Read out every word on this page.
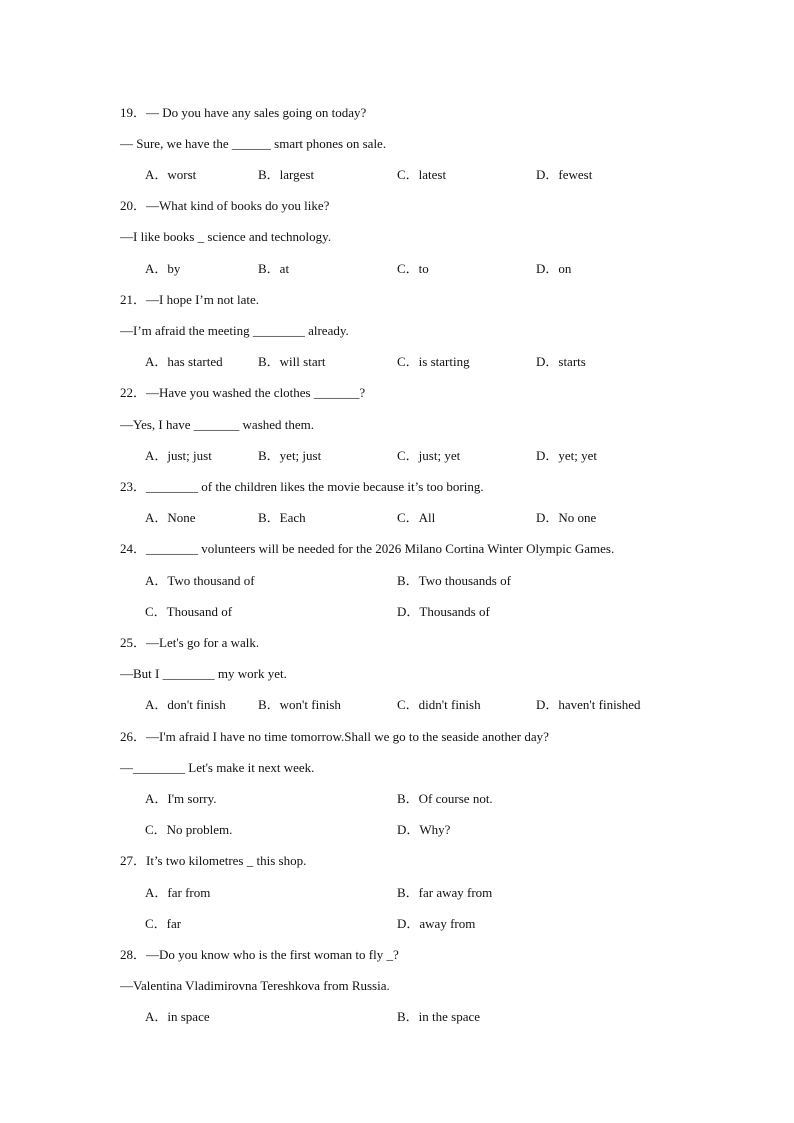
19．— Do you have any sales going on today?
— Sure, we have the ______ smart phones on sale.
A．worst	B．largest	C．latest	D．fewest
20．—What kind of books do you like?
—I like books _ science and technology.
A．by	B．at	C．to	D．on
21．—I hope I’m not late.
—I’m afraid the meeting ________ already.
A．has started	B．will start	C．is starting	D．starts
22．—Have you washed the clothes _______?
—Yes, I have _______ washed them.
A．just; just	B．yet; just	C．just; yet	D．yet; yet
23．________ of the children likes the movie because it’s too boring.
A．None	B．Each	C．All	D．No one
24．________ volunteers will be needed for the 2026 Milano Cortina Winter Olympic Games.
A．Two thousand of	B．Two thousands of
C．Thousand of	D．Thousands of
25．—Let's go for a walk.
—But I ________ my work yet.
A．don't finish B．won't finish	C．didn't finish	D．haven't finished
26．—I'm afraid I have no time tomorrow.Shall we go to the seaside another day?
—________ Let's make it next week.
A．I'm sorry.	B．Of course not.
C．No problem.	D．Why?
27．It’s two kilometres _ this shop.
A．far from	B．far away from
C．far	D．away from
28．—Do you know who is the first woman to fly _?
—Valentina Vladimirovna Tereshkova from Russia.
A．in space	B．in the space
